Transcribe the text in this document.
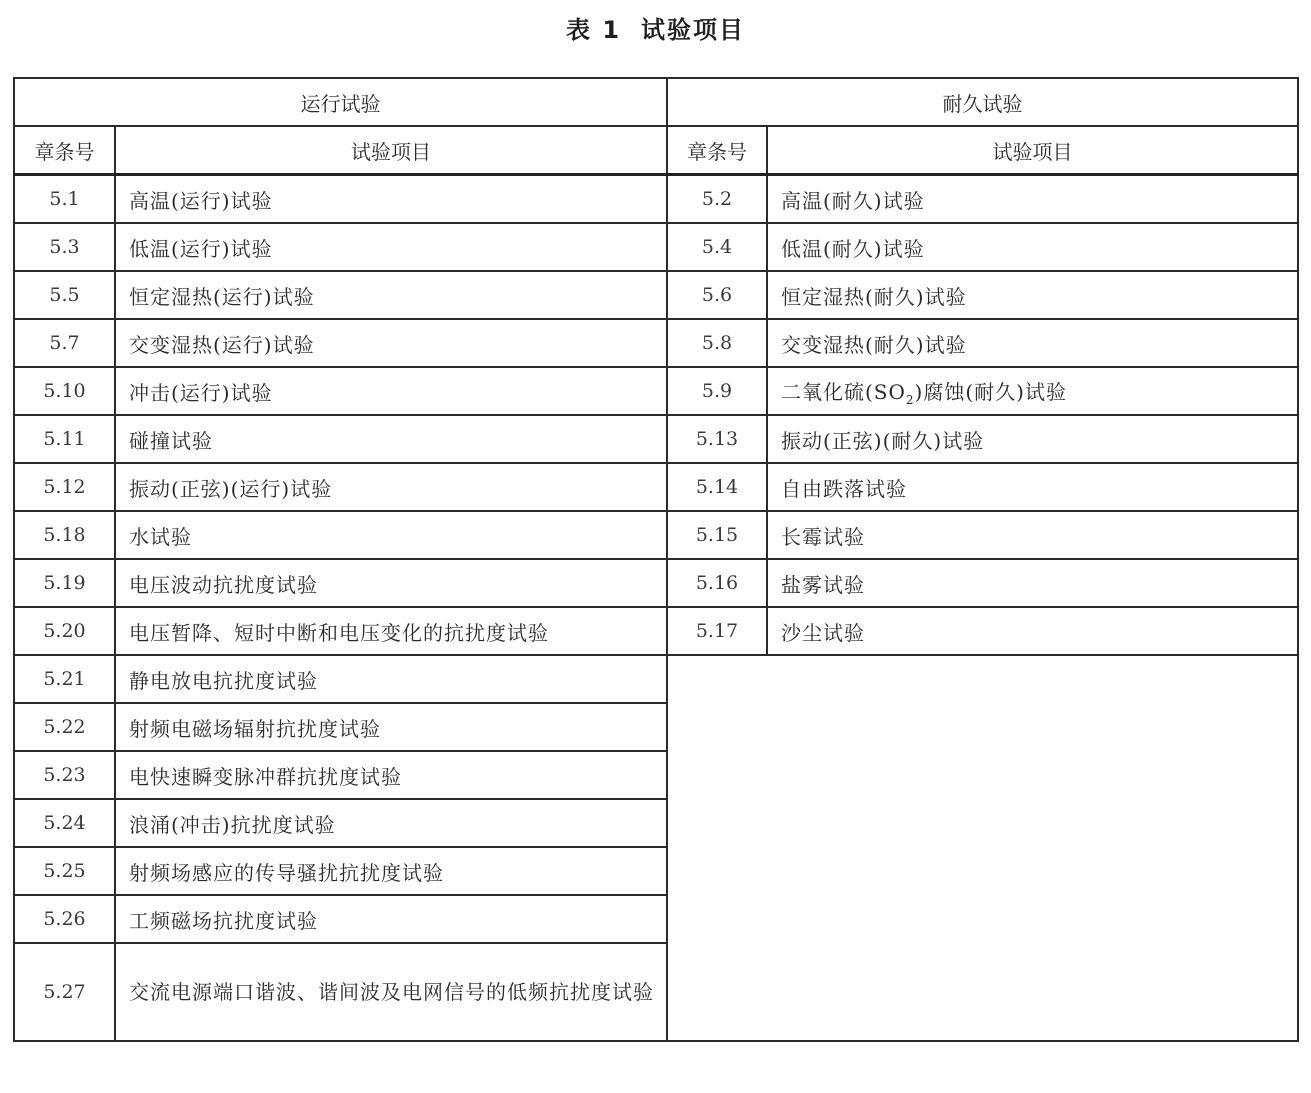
表 1 试验项目
运行试验		耐久试验	
章条号	试验项目	章条号	试验项目
5.1	高温(运行)试验	5.2	高温(耐久)试验
5.3	低温(运行)试验	5.4	低温(耐久)试验
5.5	恒定湿热(运行)试验	5.6	恒定湿热(耐久)试验
5.7	交变湿热(运行)试验	5.8	交变湿热(耐久)试验
5.10	冲击(运行)试验	5.9	二氧化硫$(SO_2)$腐蚀(耐久)试验
5.11	碰撞试验	5.13	振动(正弦)(耐久)试验
5.12	振动(正弦)(运行)试验	5.14	自由跌落试验
5.18	水试验	5.15	长霉试验
5.19	电压波动抗扰度试验	5.16	盐雾试验
5.20	电压暂降、短时中断和电压变化的抗扰度试验	5.17	沙尘试验
5.21	静电放电抗扰度试验		
5.22	射频电磁场辐射抗扰度试验		
5.23	电快速瞬变脉冲群抗扰度试验		
5.24	浪涌(冲击)抗扰度试验		
5.25	射频场感应的传导骚扰抗扰度试验		
5.26	工频磁场抗扰度试验		
5.27	交流电源端口谐波、谐间波及电网信号的低频抗扰度试验		
